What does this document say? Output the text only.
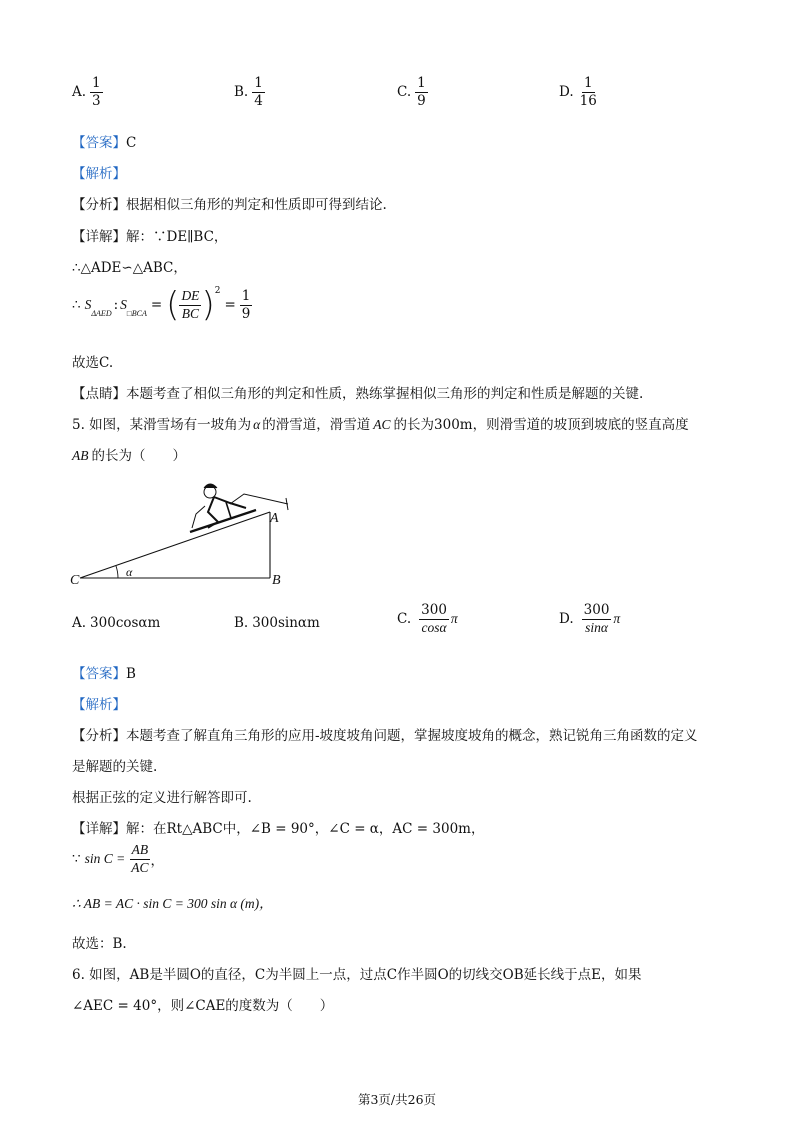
A. $\frac{1}{3}$	B. $\frac{1}{4}$	C. $\frac{1}{9}$	D. $\frac{1}{16}$
【答案】C
【解析】
【分析】根据相似三角形的判定和性质即可得到结论.
【详解】解：∵DE∥BC，
∴△ADE∽△ABC，
∴ S
ΔAED
: S
□BCA
= ( $\frac{DE}{BC}$ ) 2
= $\frac{1}{9}$
故选C.
【点睛】本题考查了相似三角形的判定和性质，熟练掌握相似三角形的判定和性质是解题的关键.
5. 如图，某滑雪场有一坡角为 α 的滑雪道，滑雪道 AC 的长为300m，则滑雪道的坡顶到坡底的竖直高度
AB 的长为（　　）
A
B
C
α
A. 300cosαm	B. 300sinαm	C. $\frac{300}{\cos\alpha}$ π	D. $\frac{300}{\sin\alpha}$ π
【答案】B
【解析】
【分析】本题考查了解直角三角形的应用-坡度坡角问题，掌握坡度坡角的概念，熟记锐角三角函数的定义
是解题的关键.
根据正弦的定义进行解答即可.
【详解】解：在Rt△ABC中，∠B = 90°，∠C = α，AC = 300m，
∵ $\sin C = \frac{AB}{AC}$ ，
∴ AB = AC · sin C = 300 sin α (m)，
故选：B.
6. 如图，AB是半圆O的直径，C为半圆上一点，过点C作半圆O的切线交OB延长线于点E，如果
∠AEC = 40°，则∠CAE的度数为（　　）
第3页/共26页
